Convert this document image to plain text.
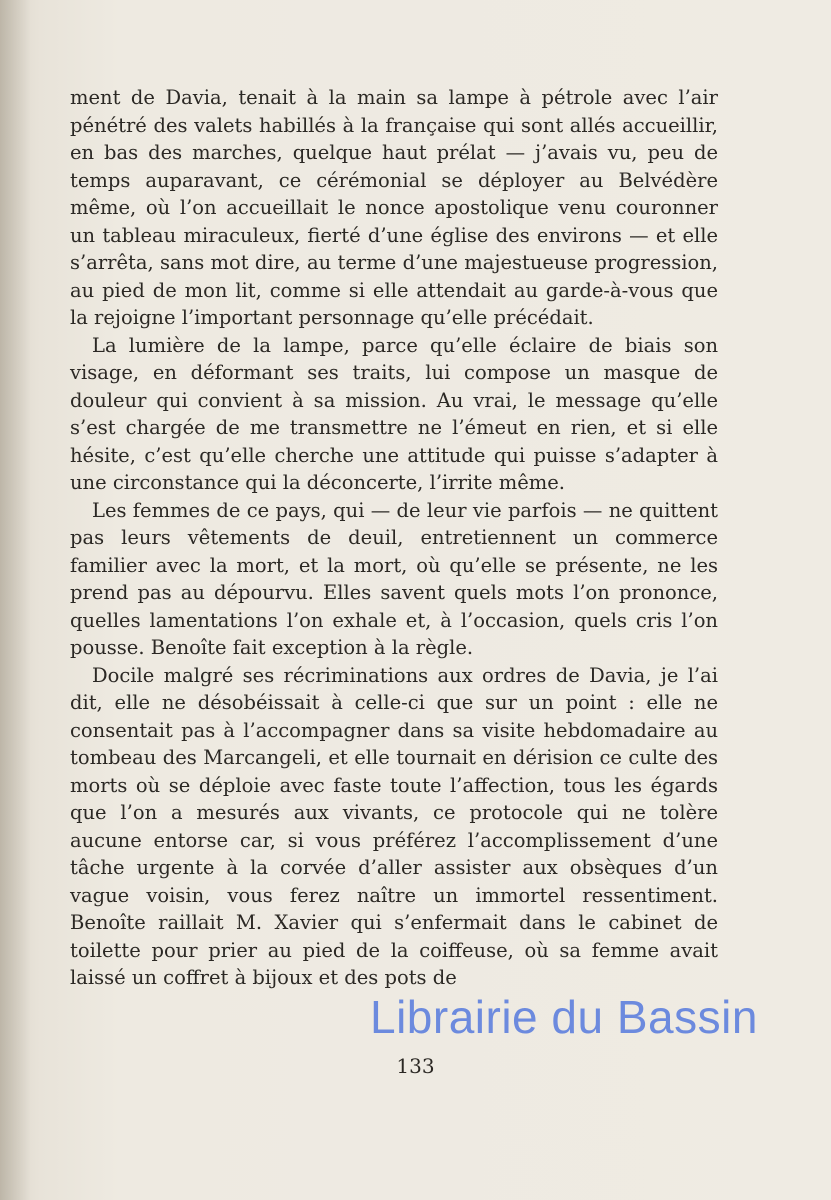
ment de Davia, tenait à la main sa lampe à pétrole avec l’air pénétré des valets habillés à la française qui sont allés accueillir, en bas des marches, quelque haut prélat — j’avais vu, peu de temps auparavant, ce cérémonial se déployer au Belvédère même, où l’on accueillait le nonce apostolique venu couronner un tableau miraculeux, fierté d’une église des environs — et elle s’arrêta, sans mot dire, au terme d’une majestueuse progression, au pied de mon lit, comme si elle attendait au garde-à-vous que la rejoigne l’important personnage qu’elle précédait.

La lumière de la lampe, parce qu’elle éclaire de biais son visage, en déformant ses traits, lui compose un masque de douleur qui convient à sa mission. Au vrai, le message qu’elle s’est chargée de me transmettre ne l’émeut en rien, et si elle hésite, c’est qu’elle cherche une attitude qui puisse s’adapter à une circonstance qui la déconcerte, l’irrite même.

Les femmes de ce pays, qui — de leur vie parfois — ne quittent pas leurs vêtements de deuil, entretiennent un commerce familier avec la mort, et la mort, où qu’elle se présente, ne les prend pas au dépourvu. Elles savent quels mots l’on prononce, quelles lamentations l’on exhale et, à l’occasion, quels cris l’on pousse. Benoîte fait exception à la règle.

Docile malgré ses récriminations aux ordres de Davia, je l’ai dit, elle ne désobéissait à celle-ci que sur un point : elle ne consentait pas à l’accompagner dans sa visite hebdomadaire au tombeau des Marcangeli, et elle tournait en dérision ce culte des morts où se déploie avec faste toute l’affection, tous les égards que l’on a mesurés aux vivants, ce protocole qui ne tolère aucune entorse car, si vous préférez l’accomplissement d’une tâche urgente à la corvée d’aller assister aux obsèques d’un vague voisin, vous ferez naître un immortel ressentiment. Benoîte raillait M. Xavier qui s’enfermait dans le cabinet de toilette pour prier au pied de la coiffeuse, où sa femme avait laissé un coffret à bijoux et des pots de

133
Librairie du Bassin
